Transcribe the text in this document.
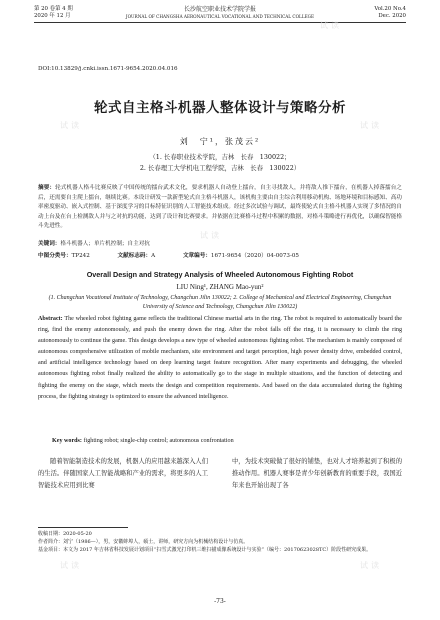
第 20 卷第 4 期
2020 年 12 月
长沙航空职业技术学院学报
JOURNAL OF CHANGSHA AERONAUTICAL VOCATIONAL AND TECHNICAL COLLEGE
Vol.20 No.4
Dec. 2020
DOI:10.13829/j.cnki.issn.1671-9654.2020.04.016
轮式自主格斗机器人整体设计与策略分析
刘　宁¹，张茂云²
（1. 长春职业技术学院，吉林　长春　130022；
2. 长春理工大学机电工程学院，吉林　长春　130022）
摘要：轮式机器人格斗比赛反映了中国传统的擂台武术文化，要求机器人自动登上擂台，自主寻找敌人，并将敌人推下擂台，在机器人掉落擂台之后，还需要自主爬上擂台，继续比赛。本设计研发一款新型轮式自主格斗机器人，该机构主要由自主综合利用移动机构、场地环境和目标感知、高功率密度驱动、嵌入式控制、基于深度学习的目标特征识别的人工智能技术组成。经过多次试验与调试，最终使轮式自主格斗机器人实现了多情况的自动上台及在台上检测敌人并与之对抗的功能，达到了设计和比赛要求。并依据在比赛格斗过程中积累的数据，对格斗策略进行再优化，以确保智能格斗先进性。
关键词：格斗机器人；单片机控制；自主对抗
中图分类号：TP242	文献标志码：A	文章编号：1671-9654（2020）04-0073-05
Overall Design and Strategy Analysis of Wheeled Autonomous Fighting Robot
LIU Ning¹, ZHANG Mao-yun²
(1. Changchun Vocational Institute of Technology, Changchun Jilin 130022; 2. College of Mechanical and Electrical Engineering, Changchun University of Science and Technology, Changchun Jilin 130022)
Abstract: The wheeled robot fighting game reflects the traditional Chinese martial arts in the ring. The robot is required to automatically board the ring, find the enemy autonomously, and push the enemy down the ring. After the robot falls off the ring, it is necessary to climb the ring autonomously to continue the game. This design develops a new type of wheeled autonomous fighting robot. The mechanism is mainly composed of autonomous comprehensive utilization of mobile mechanism, site environment and target perception, high power density drive, embedded control, and artificial intelligence technology based on deep learning target feature recognition. After many experiments and debugging, the wheeled autonomous fighting robot finally realized the ability to automatically go to the stage in multiple situations, and the function of detecting and fighting the enemy on the stage, which meets the design and competition requirements. And based on the data accumulated during the fighting process, the fighting strategy is optimized to ensure the advanced intelligence.
Key words: fighting robot; single-chip control; autonomous confrontation
随着智能制造技术的发展，机器人的应用越来越深入人们的生活。伴随国家人工智能战略和产业的需求，将更多的人工智能技术应用到比赛
中，为技术突破做了很好的铺垫，也对人才培养起到了积极的推动作用。机器人赛事是青少年创新教育的重要手段，我国近年来也开始出现了各
收稿日期：2020-05-20
作者简介：刘宁（1986—），男，安徽蚌埠人，硕士，讲师，研究方向为机械结构设计与仿真。
基金项目：本文为 2017 年吉林省科技发展计划项目“扫雪式激光打印机三维扫描成像系统设计与实验”（编号：20170623028TC）阶段性研究成果。
-73-
试读
试读	试读
试读
试读	试读
